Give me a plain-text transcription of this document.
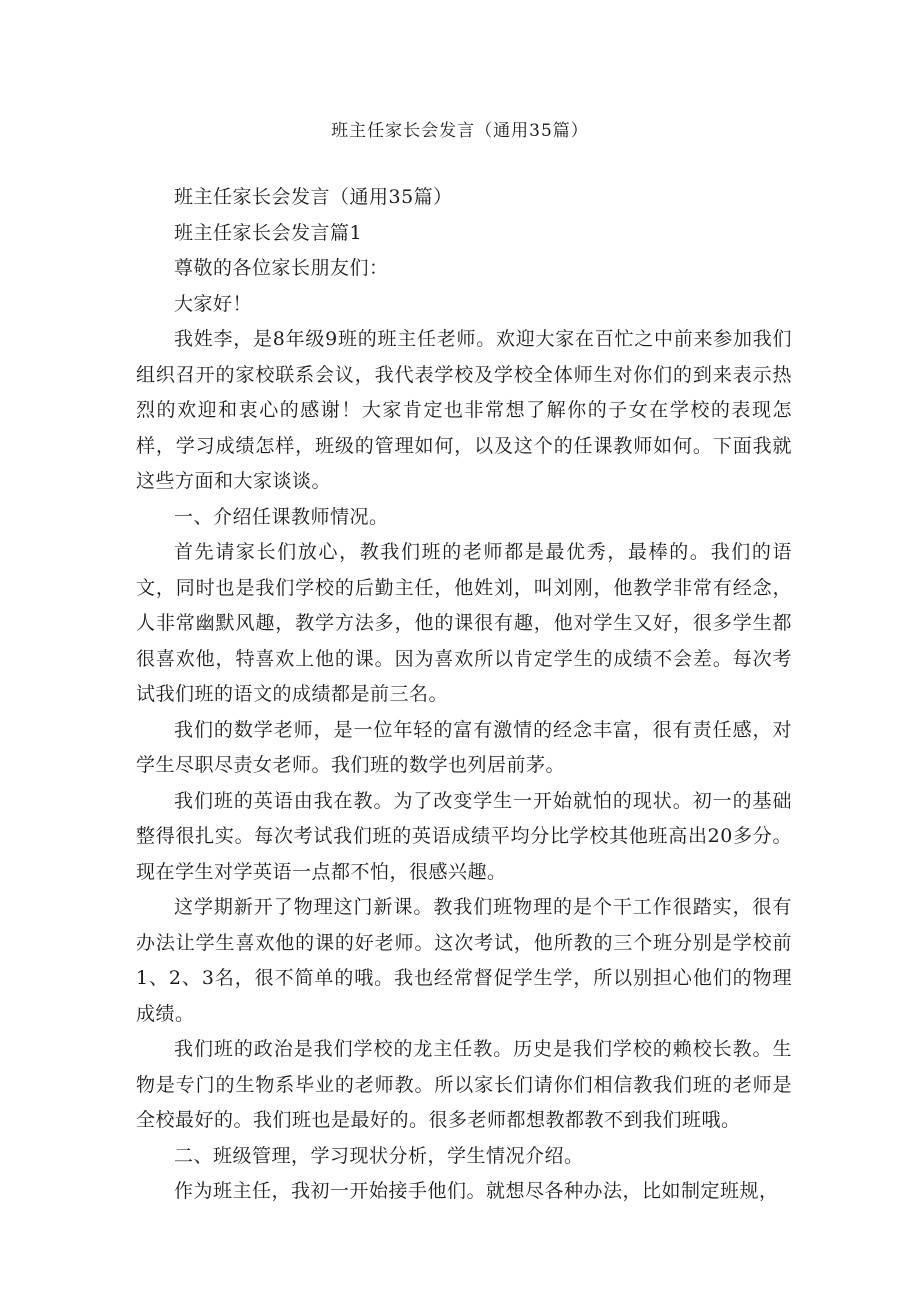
班主任家长会发言（通用35篇）

班主任家长会发言（通用35篇）

班主任家长会发言篇1

尊敬的各位家长朋友们：

大家好！

我姓李，是8年级9班的班主任老师。欢迎大家在百忙之中前来参加我们组织召开的家校联系会议，我代表学校及学校全体师生对你们的到来表示热烈的欢迎和衷心的感谢！大家肯定也非常想了解你的子女在学校的表现怎样，学习成绩怎样，班级的管理如何，以及这个的任课教师如何。下面我就这些方面和大家谈谈。

一、介绍任课教师情况。

首先请家长们放心，教我们班的老师都是最优秀，最棒的。我们的语文，同时也是我们学校的后勤主任，他姓刘，叫刘刚，他教学非常有经念，人非常幽默风趣，教学方法多，他的课很有趣，他对学生又好，很多学生都很喜欢他，特喜欢上他的课。因为喜欢所以肯定学生的成绩不会差。每次考试我们班的语文的成绩都是前三名。

我们的数学老师，是一位年轻的富有激情的经念丰富，很有责任感，对学生尽职尽责女老师。我们班的数学也列居前茅。

我们班的英语由我在教。为了改变学生一开始就怕的现状。初一的基础整得很扎实。每次考试我们班的英语成绩平均分比学校其他班高出20多分。现在学生对学英语一点都不怕，很感兴趣。

这学期新开了物理这门新课。教我们班物理的是个干工作很踏实，很有办法让学生喜欢他的课的好老师。这次考试，他所教的三个班分别是学校前1、2、3名，很不简单的哦。我也经常督促学生学，所以别担心他们的物理成绩。

我们班的政治是我们学校的龙主任教。历史是我们学校的赖校长教。生物是专门的生物系毕业的老师教。所以家长们请你们相信教我们班的老师是全校最好的。我们班也是最好的。很多老师都想教都教不到我们班哦。

二、班级管理，学习现状分析，学生情况介绍。

作为班主任，我初一开始接手他们。就想尽各种办法，比如制定班规，
